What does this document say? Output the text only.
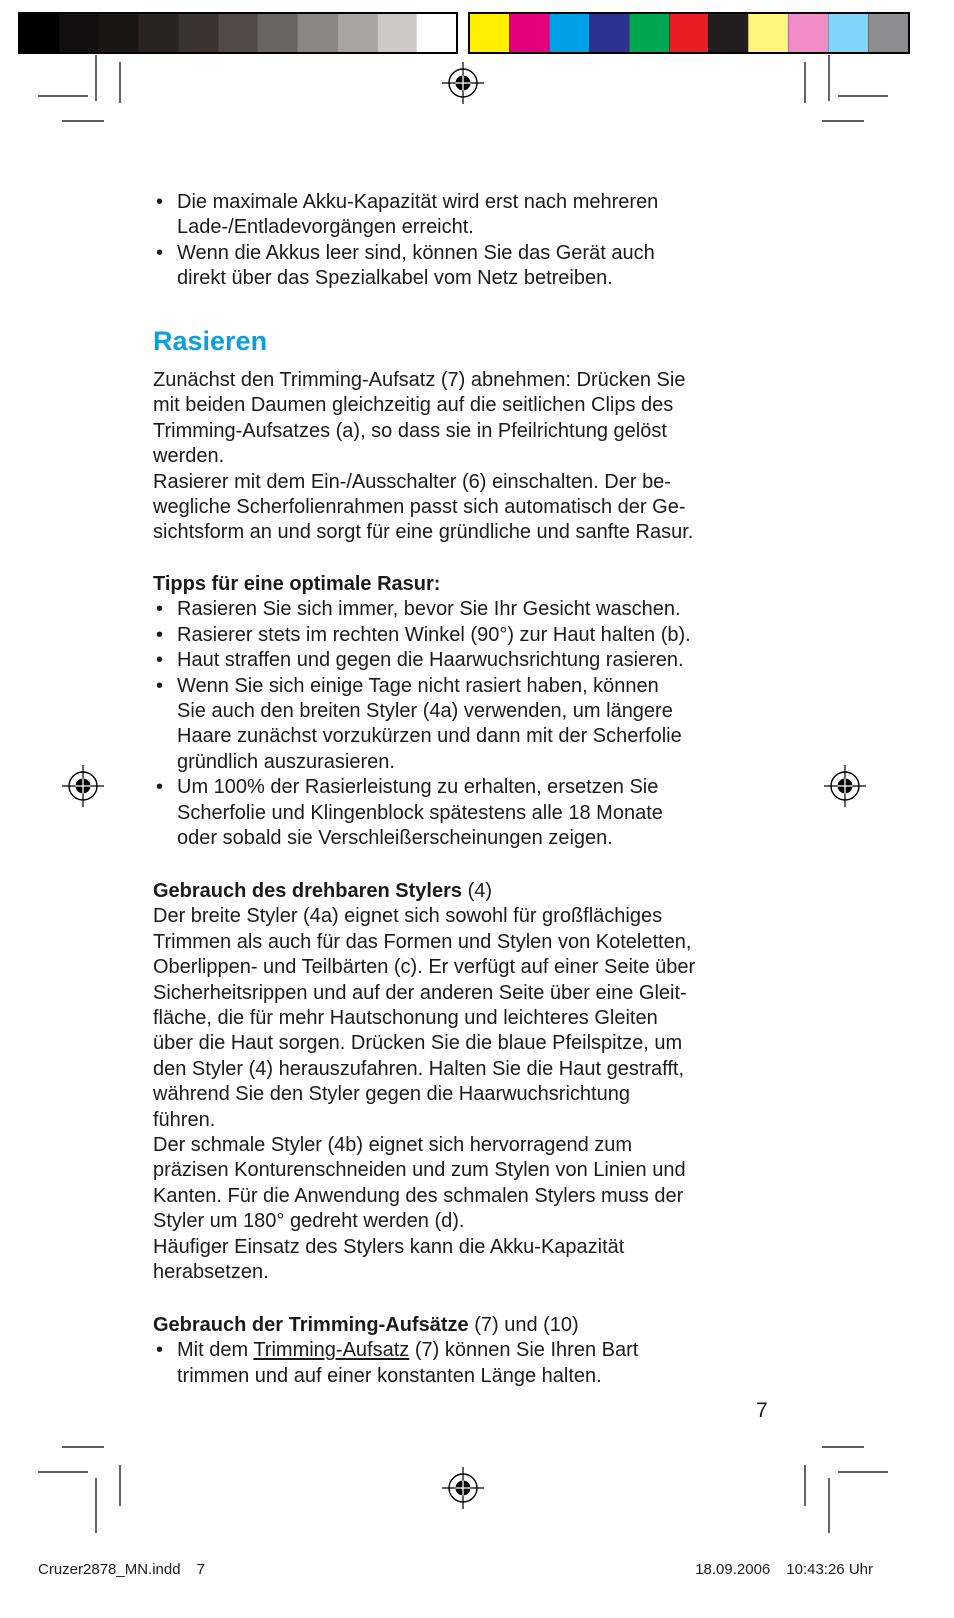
• Die maximale Akku-Kapazität wird erst nach mehreren
Lade-/Entladevorgängen erreicht.
• Wenn die Akkus leer sind, können Sie das Gerät auch
direkt über das Spezialkabel vom Netz betreiben.
Rasieren
Zunächst den Trimming-Aufsatz (7) abnehmen: Drücken Sie
mit beiden Daumen gleichzeitig auf die seitlichen Clips des
Trimming-Aufsatzes (a), so dass sie in Pfeilrichtung gelöst
werden.
Rasierer mit dem Ein-/Ausschalter (6) einschalten. Der be-
wegliche Scherfolienrahmen passt sich automatisch der Ge-
sichtsform an und sorgt für eine gründliche und sanfte Rasur.
Tipps für eine optimale Rasur:
• Rasieren Sie sich immer, bevor Sie Ihr Gesicht waschen.
• Rasierer stets im rechten Winkel (90°) zur Haut halten (b).
• Haut straffen und gegen die Haarwuchsrichtung rasieren.
• Wenn Sie sich einige Tage nicht rasiert haben, können
Sie auch den breiten Styler (4a) verwenden, um längere
Haare zunächst vorzukürzen und dann mit der Scherfolie
gründlich auszurasieren.
• Um 100% der Rasierleistung zu erhalten, ersetzen Sie
Scherfolie und Klingenblock spätestens alle 18 Monate
oder sobald sie Verschleißerscheinungen zeigen.
Gebrauch des drehbaren Stylers (4)
Der breite Styler (4a) eignet sich sowohl für großflächiges
Trimmen als auch für das Formen und Stylen von Koteletten,
Oberlippen- und Teilbärten (c). Er verfügt auf einer Seite über
Sicherheitsrippen und auf der anderen Seite über eine Gleit-
fläche, die für mehr Hautschonung und leichteres Gleiten
über die Haut sorgen. Drücken Sie die blaue Pfeilspitze, um
den Styler (4) herauszufahren. Halten Sie die Haut gestrafft,
während Sie den Styler gegen die Haarwuchsrichtung
führen.
Der schmale Styler (4b) eignet sich hervorragend zum
präzisen Konturenschneiden und zum Stylen von Linien und
Kanten. Für die Anwendung des schmalen Stylers muss der
Styler um 180° gedreht werden (d).
Häufiger Einsatz des Stylers kann die Akku-Kapazität
herabsetzen.
Gebrauch der Trimming-Aufsätze (7) und (10)
• Mit dem Trimming-Aufsatz (7) können Sie Ihren Bart
trimmen und auf einer konstanten Länge halten.
7
Cruzer2878_MN.indd 7	18.09.2006 10:43:26 Uhr
